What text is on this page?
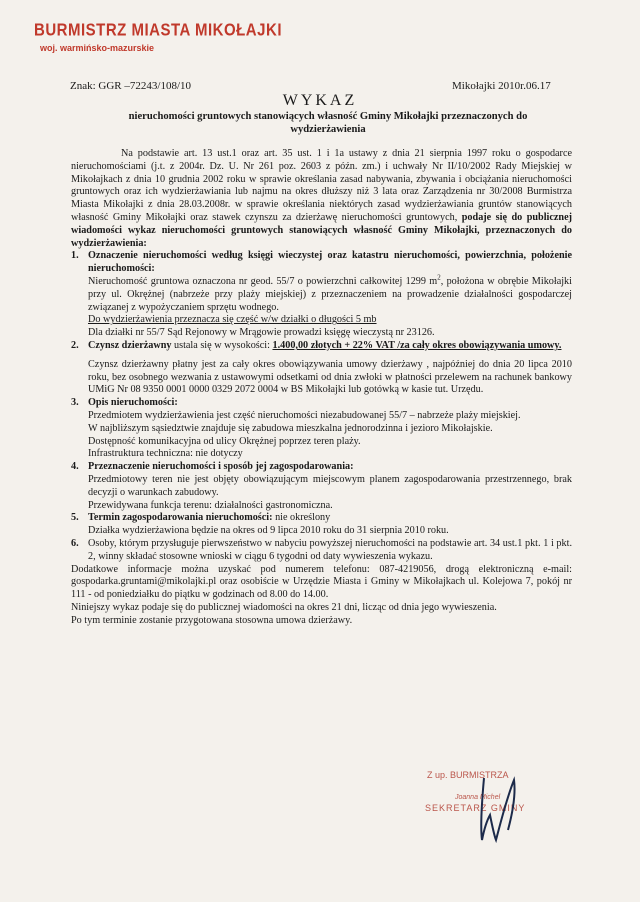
BURMISTRZ MIASTA MIKOŁAJKI
woj. warmińsko-mazurskie
Znak: GGR –72243/108/10	Mikołajki 2010r.06.17
WYKAZ
nieruchomości gruntowych stanowiących własność Gminy Mikołajki przeznaczonych do wydzierżawienia

Na podstawie art. 13 ust.1 oraz art. 35 ust. 1 i 1a ustawy z dnia 21 sierpnia 1997 roku o gospodarce nieruchomościami (j.t. z 2004r. Dz. U. Nr 261 poz. 2603 z późn. zm.) i uchwały Nr II/10/2002 Rady Miejskiej w Mikołajkach z dnia 10 grudnia 2002 roku w sprawie określania zasad nabywania, zbywania i obciążania nieruchomości gruntowych oraz ich wydzierżawiania lub najmu na okres dłuższy niż 3 lata oraz Zarządzenia nr 30/2008 Burmistrza Miasta Mikołajki z dnia 28.03.2008r. w sprawie określania niektórych zasad wydzierżawiania gruntów stanowiących własność Gminy Mikołajki oraz stawek czynszu za dzierżawę nieruchomości gruntowych, podaje się do publicznej wiadomości wykaz nieruchomości gruntowych stanowiących własność Gminy Mikołajki, przeznaczonych do wydzierżawienia:

1. Oznaczenie nieruchomości według księgi wieczystej oraz katastru nieruchomości, powierzchnia, położenie nieruchomości:
Nieruchomość gruntowa oznaczona nr geod. 55/7 o powierzchni całkowitej 1299 $m^2$, położona w obrębie Mikołajki przy ul. Okrężnej (nabrzeże przy plaży miejskiej) z przeznaczeniem na prowadzenie działalności gospodarczej związanej z wypożyczaniem sprzętu wodnego.
Do wydzierżawienia przeznacza się część w/w działki o długości 5 mb
Dla działki nr 55/7 Sąd Rejonowy w Mrągowie prowadzi księgę wieczystą nr 23126.
2. Czynsz dzierżawny ustala się w wysokości: 1.400,00 złotych + 22% VAT /za cały okres obowiązywania umowy.
Czynsz dzierżawny płatny jest za cały okres obowiązywania umowy dzierżawy , najpóźniej do dnia 20 lipca 2010 roku, bez osobnego wezwania z ustawowymi odsetkami od dnia zwłoki w płatności przelewem na rachunek bankowy UMiG Nr 08 9350 0001 0000 0329 2072 0004 w BS Mikołajki lub gotówką w kasie tut. Urzędu.
3. Opis nieruchomości:
Przedmiotem wydzierżawienia jest część nieruchomości niezabudowanej 55/7 – nabrzeże plaży miejskiej.
W najbliższym sąsiedztwie znajduje się zabudowa mieszkalna jednorodzinna i jezioro Mikołajskie.
Dostępność komunikacyjna od ulicy Okrężnej poprzez teren plaży.
Infrastruktura techniczna: nie dotyczy
4. Przeznaczenie nieruchomości i sposób jej zagospodarowania:
Przedmiotowy teren nie jest objęty obowiązującym miejscowym planem zagospodarowania przestrzennego, brak decyzji o warunkach zabudowy.
Przewidywana funkcja terenu: działalności gastronomiczna.
5. Termin zagospodarowania nieruchomości: nie określony
Działka wydzierżawiona będzie na okres od 9 lipca 2010 roku do 31 sierpnia 2010 roku.
6. Osoby, którym przysługuje pierwszeństwo w nabyciu powyższej nieruchomości na podstawie art. 34 ust.1 pkt. 1 i pkt. 2, winny składać stosowne wnioski w ciągu 6 tygodni od daty wywieszenia wykazu.

Dodatkowe informacje można uzyskać pod numerem telefonu: 087-4219056, drogą elektroniczną e-mail: gospodarka.gruntami@mikolajki.pl oraz osobiście w Urzędzie Miasta i Gminy w Mikołajkach ul. Kolejowa 7, pokój nr 111 - od poniedziałku do piątku w godzinach od 8.00 do 14.00.

Niniejszy wykaz podaje się do publicznej wiadomości na okres 21 dni, licząc od dnia jego wywieszenia.

Po tym terminie zostanie przygotowana stosowna umowa dzierżawy.

Z up. BURMISTRZA
Joanna Michel
SEKRETARZ GMINY
